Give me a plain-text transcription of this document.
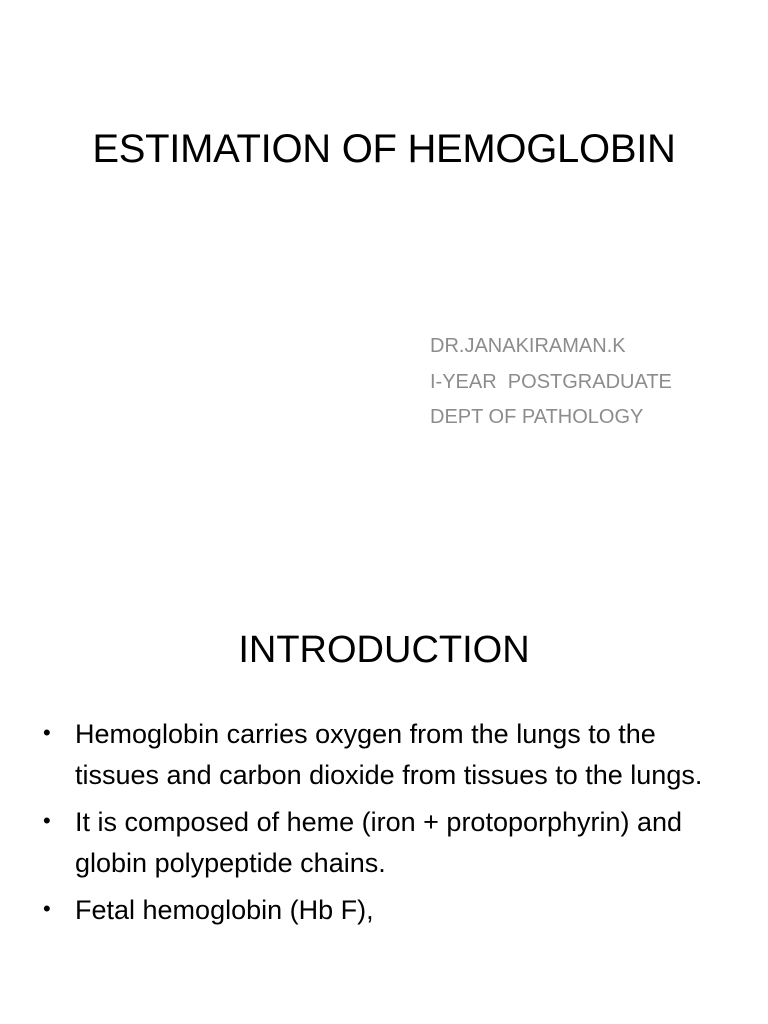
ESTIMATION OF HEMOGLOBIN
DR.JANAKIRAMAN.K
I-YEAR  POSTGRADUATE
DEPT OF PATHOLOGY
INTRODUCTION
• Hemoglobin carries oxygen from the lungs to the tissues and carbon dioxide from tissues to the lungs.
• It is composed of heme (iron + protoporphyrin) and globin polypeptide chains.
• Fetal hemoglobin (Hb F),
